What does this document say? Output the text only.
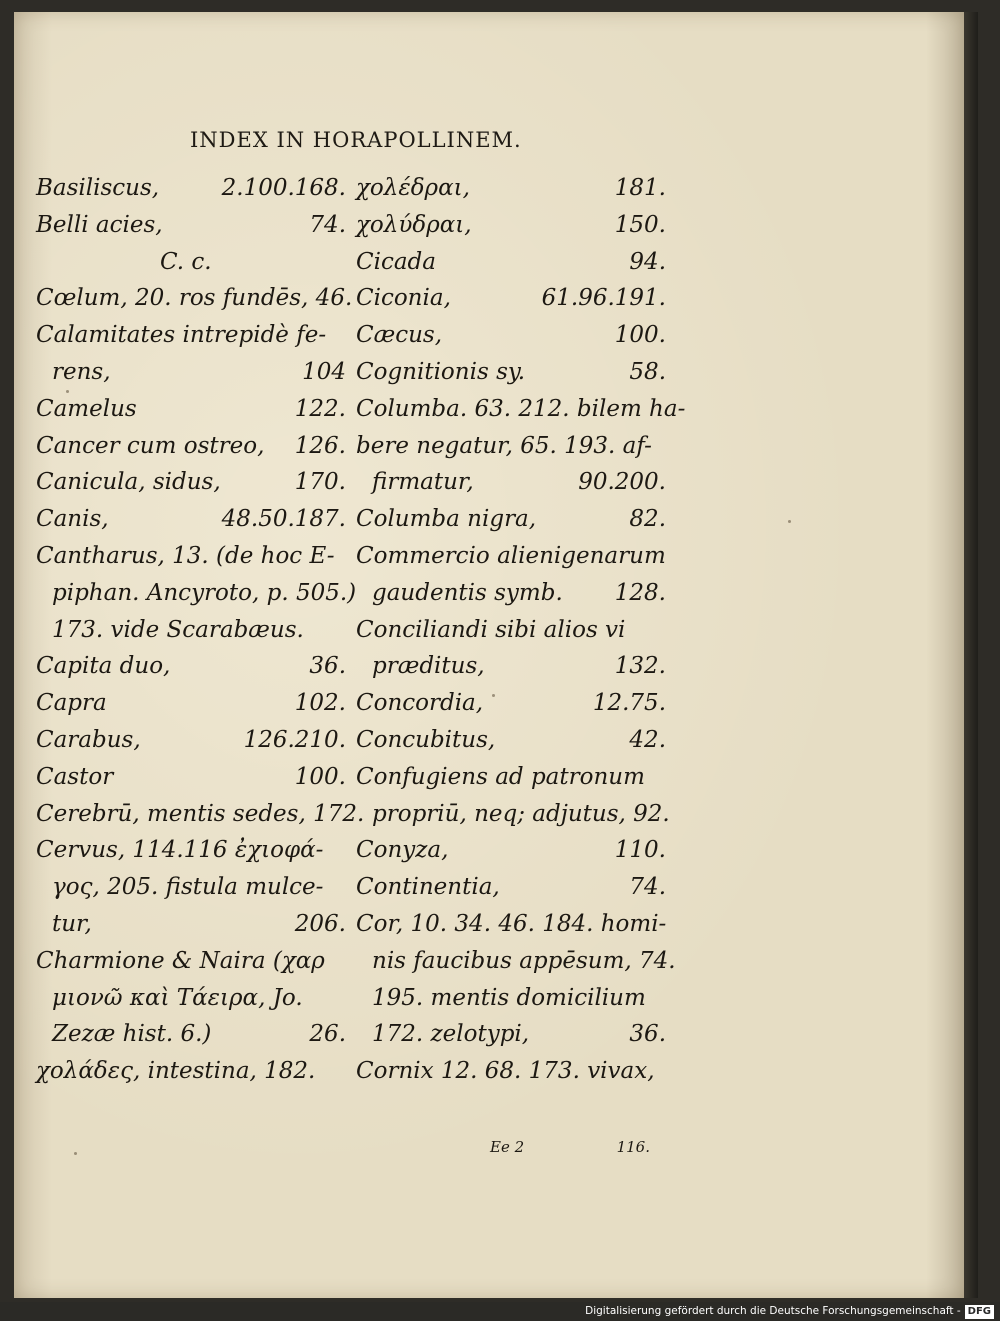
INDEX IN HORAPOLLINEM.
Basiliscus,	2.100.168.
Belli acies,	74.
C. c.
Cœlum, 20. ros fundēs, 46.
Calamitates intrepidè fe-
rens,	104
Camelus	122.
Cancer cum ostreo, 126.
Canicula, sidus,	170.
Canis,	48.50.187.
Cantharus, 13. (de hoc E-
piphan. Ancyroto, p. 505.)
173. vide Scarabæus.
Capita duo,	36.
Capra	102.
Carabus,	126.210.
Castor	100.
Cerebrū, mentis sedes, 172.
Cervus, 114.116 ἐχιοφά-
γος, 205. fistula mulce-
tur,	206.
Charmione & Naira (χαρ
μιονῶ καὶ Τάειρα, Jo.
Zezæ hist. 6.)	26.
χολάδες, intestina, 182.
χολέδραι,	181.
χολύδραι,	150.
Cicada	94.
Ciconia,	61.96.191.
Cæcus,	100.
Cognitionis sy.	58.
Columba. 63. 212. bilem ha-
bere negatur, 65. 193. af-
firmatur,	90.200.
Columba nigra,	82.
Commercio alienigenarum
gaudentis symb. 128.
Conciliandi sibi alios vi
præditus,	132.
Concordia,	12.75.
Concubitus,	42.
Confugiens ad patronum
propriū, neq; adjutus, 92.
Conyza,	110.
Continentia,	74.
Cor, 10. 34. 46. 184. homi-
nis faucibus appēsum, 74.
195. mentis domicilium
172. zelotypi,	36.
Cornix 12. 68. 173. vivax,
Ee 2	116.
Digitalisierung gefördert durch die Deutsche Forschungsgemeinschaft - DFG
